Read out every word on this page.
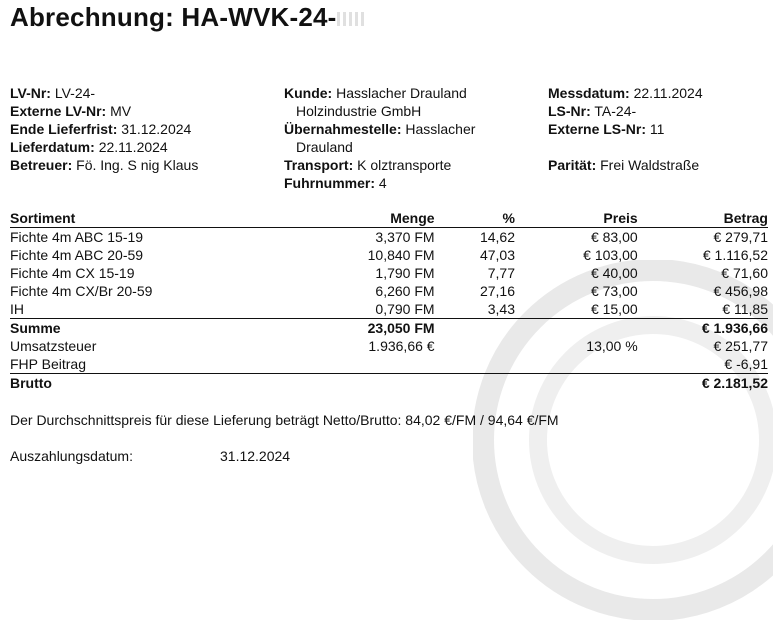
Abrechnung: HA-WVK-24-
LV-Nr: LV-24-
Externe LV-Nr: MV
Ende Lieferfrist: 31.12.2024
Lieferdatum: 22.11.2024
Betreuer: Fö. Ing. S nig Klaus
Kunde: Hasslacher Drauland
Holzindustrie GmbH
Übernahmestelle: Hasslacher
Drauland
Transport: K olztransporte
Fuhrnummer: 4
Messdatum: 22.11.2024
LS-Nr: TA-24-
Externe LS-Nr: 11
Parität: Frei Waldstraße
Sortiment	Menge	%	Preis	Betrag
Fichte 4m ABC 15-19	3,370 FM	14,62	€ 83,00	€ 279,71
Fichte 4m ABC 20-59	10,840 FM	47,03	€ 103,00	€ 1.116,52
Fichte 4m CX 15-19	1,790 FM	7,77	€ 40,00	€ 71,60
Fichte 4m CX/Br 20-59	6,260 FM	27,16	€ 73,00	€ 456,98
IH	0,790 FM	3,43	€ 15,00	€ 11,85
Summe	23,050 FM			€ 1.936,66
Umsatzsteuer	1.936,66 €		13,00 %	€ 251,77
FHP Beitrag				€ -6,91
Brutto				€ 2.181,52
Der Durchschnittspreis für diese Lieferung beträgt Netto/Brutto: 84,02 €/FM / 94,64 €/FM
Auszahlungsdatum:	31.12.2024
